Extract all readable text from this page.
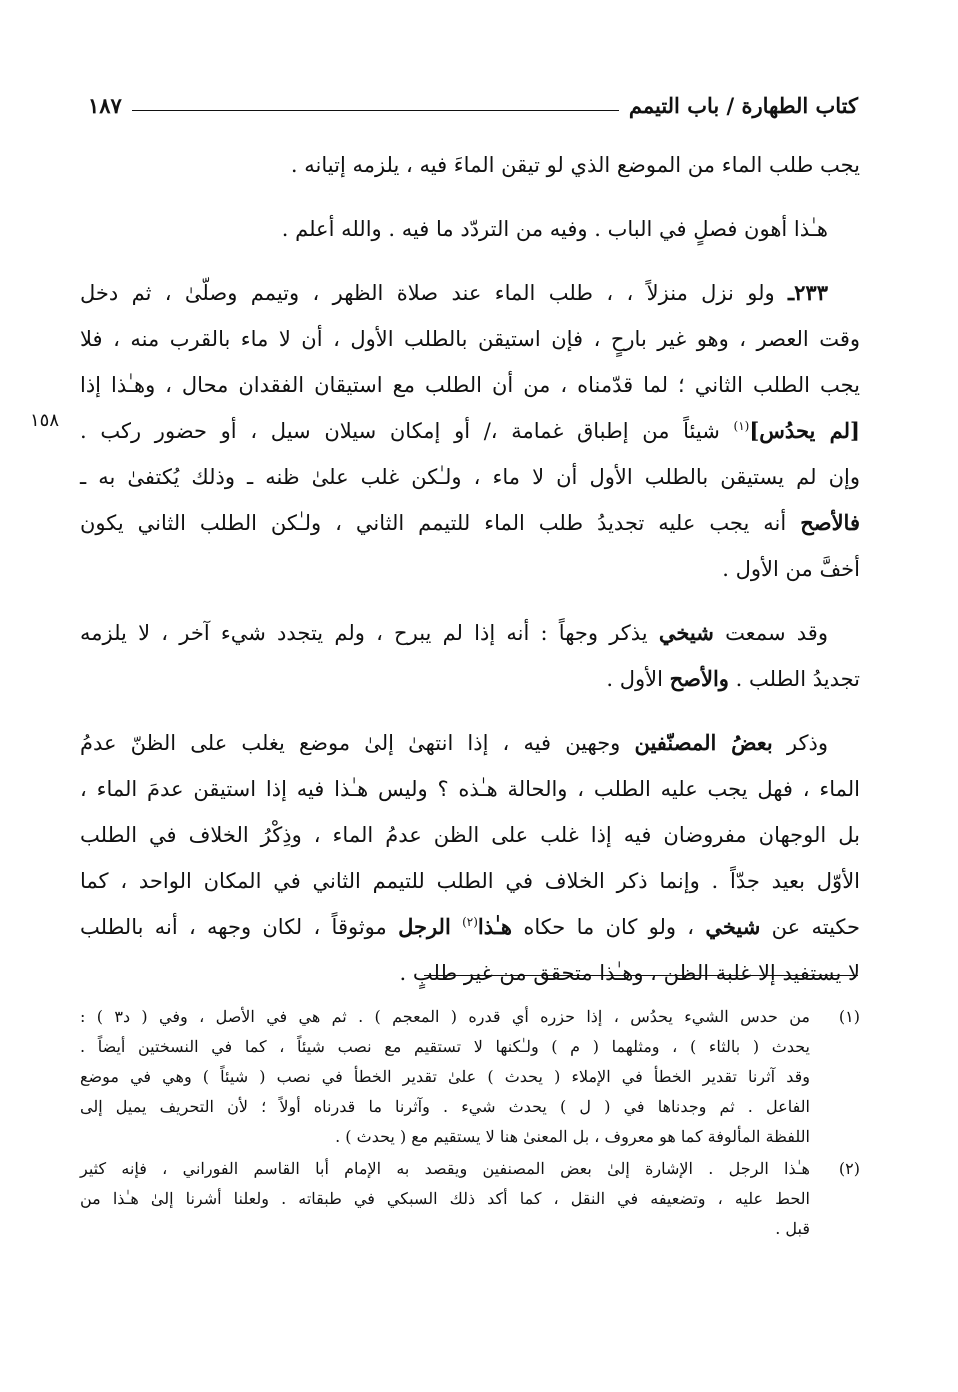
كتاب الطهارة / باب التيمم
١٨٧
١٥٨

يجب طلب الماء من الموضع الذي لو تيقن الماءَ فيه ، يلزمه إتيانه .

هـٰذا أهون فصلٍ في الباب . وفيه من التردّد ما فيه . والله أعلم .

٢٣٣ـ ولو نزل منزلاً ، ، طلب الماء عند صلاة الظهر ، وتيمم وصلّىٰ ، ثم دخل
وقت العصر ، وهو غير بارحٍ ، فإن استيقن بالطلب الأول ، أن لا ماء بالقرب منه ، فلا
يجب الطلب الثاني ؛ لما قدّمناه ، من أن الطلب مع استيقان الفقدان محال ، وهـٰذا إذا
[لم يحدُس]$^{(١)}$ شيئاً من إطباق غمامة ،/ أو إمكان سيلان سيل ، أو حضور ركب .
وإن لم يستيقن بالطلب الأول أن لا ماء ، ولـٰكن غلب علىٰ ظنه ـ وذلك يُكتفىٰ به ـ
فالأصح أنه يجب عليه تجديدُ طلب الماء للتيمم الثاني ، ولـٰكن الطلب الثاني يكون
أخفَّ من الأول .

وقد سمعت شيخي يذكر وجهاً : أنه إذا لم يبرح ، ولم يتجدد شيء آخر ، لا يلزمه
تجديدُ الطلب . والأصح الأول .

وذكر بعضُ المصنّفين وجهين فيه ، إذا انتهىٰ إلىٰ موضع يغلب على الظنّ عدمُ
الماء ، فهل يجب عليه الطلب ، والحالة هـٰذه ؟ وليس هـٰذا فيه إذا استيقن عدمَ الماء ،
بل الوجهان مفروضان فيه إذا غلب على الظن عدمُ الماء ، وذِكْرُ الخلاف في الطلب
الأوّل بعيد جدّاً . وإنما ذكر الخلاف في الطلب للتيمم الثاني في المكان الواحد ، كما
حكيته عن شيخي ، ولو كان ما حكاه هـٰذا$^{(٢)}$ الرجل موثوقاً ، لكان وجهه ، أنه بالطلب
لا يستفيد إلا غلبة الظن ، وهـٰذا متحقق من غير طلبٍ .

(١)
من حدس الشيء يحدُس ، إذا حزره أي قدره ( المعجم ) . ثم هي في الأصل ، وفي ( د٣ ) :
يحدث ( بالثاء ) ، ومثلهما ( م ) ولـٰكنها لا تستقيم مع نصب شيئاً ، كما في النسختين أيضاً .
وقد آثرنا تقدير الخطأ في الإملاء ( يحدث ) علىٰ تقدير الخطأ في نصب ( شيئاً ) وهي في موضع
الفاعل . ثم وجدناها في ( ل ) يحدث شيء . وآثرنا ما قدرناه أولاً ؛ لأن التحريف يميل إلى
اللفظة المألوفة كما هو معروف ، بل المعنىٰ هنا لا يستقيم مع ( يحدث ) .
(٢)
هـٰذا الرجل . الإشارة إلىٰ بعض المصنفين ويقصد به الإمام أبا القاسم الفوراني ، فإنه كثير
الحط عليه ، وتضعيفه في النقل ، كما أكد ذلك السبكي في طبقاته . ولعلنا أشرنا إلىٰ هـٰذا من
قبل .
